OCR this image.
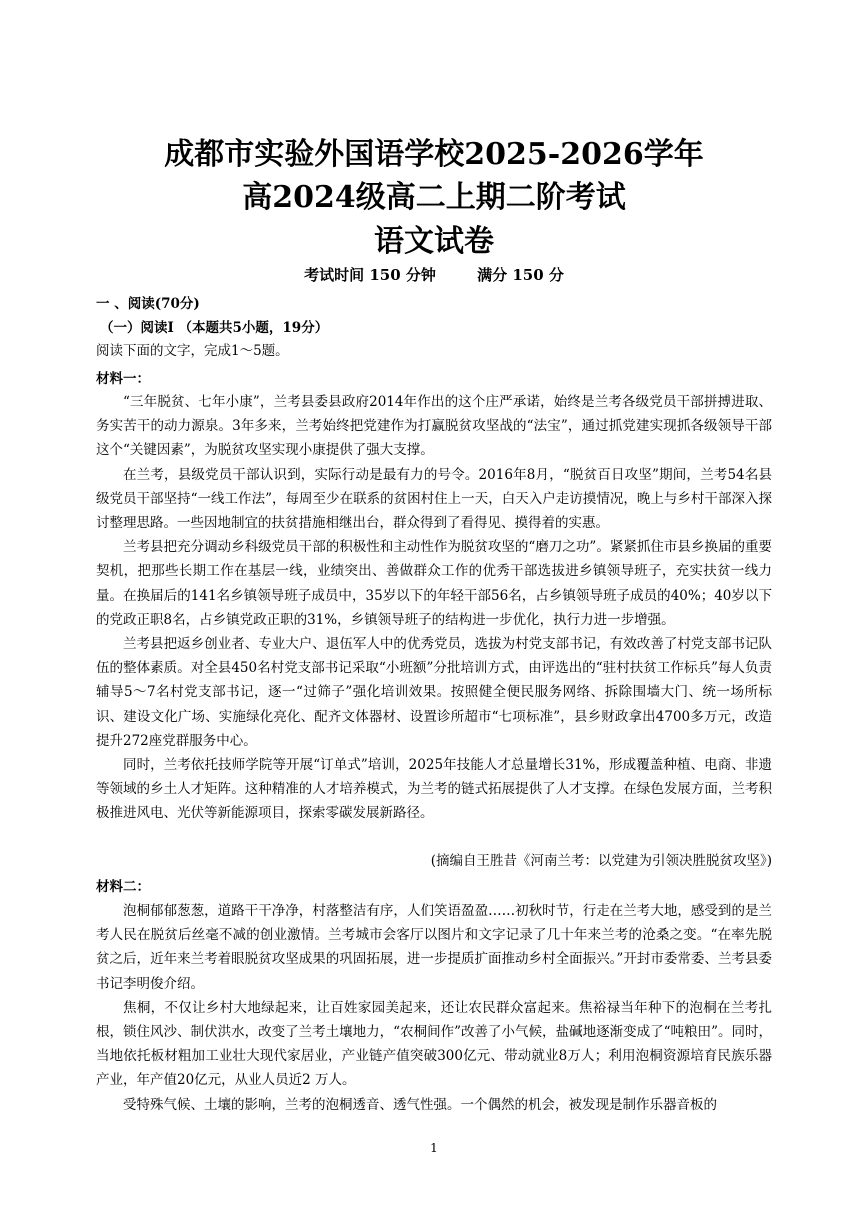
成都市实验外国语学校2025-2026学年
高2024级高二上期二阶考试
语文试卷
考试时间 150 分钟	满分 150 分
一 、阅读(70分)
（一）阅读Ⅰ （本题共5小题，19分）
阅读下面的文字，完成1～5题。
材料一：

“三年脱贫、七年小康”，兰考县委县政府2014年作出的这个庄严承诺，始终是兰考各级党员干部拼搏进取、务实苦干的动力源泉。3年多来，兰考始终把党建作为打赢脱贫攻坚战的“法宝”，通过抓党建实现抓各级领导干部这个“关键因素”，为脱贫攻坚实现小康提供了强大支撑。

在兰考，县级党员干部认识到，实际行动是最有力的号令。2016年8月，“脱贫百日攻坚”期间，兰考54名县级党员干部坚持“一线工作法”，每周至少在联系的贫困村住上一天，白天入户走访摸情况，晚上与乡村干部深入探讨整理思路。一些因地制宜的扶贫措施相继出台，群众得到了看得见、摸得着的实惠。

兰考县把充分调动乡科级党员干部的积极性和主动性作为脱贫攻坚的“磨刀之功”。紧紧抓住市县乡换届的重要契机，把那些长期工作在基层一线，业绩突出、善做群众工作的优秀干部选拔进乡镇领导班子，充实扶贫一线力量。在换届后的141名乡镇领导班子成员中，35岁以下的年轻干部56名，占乡镇领导班子成员的40%；40岁以下的党政正职8名，占乡镇党政正职的31%，乡镇领导班子的结构进一步优化，执行力进一步增强。

兰考县把返乡创业者、专业大户、退伍军人中的优秀党员，选拔为村党支部书记，有效改善了村党支部书记队伍的整体素质。对全县450名村党支部书记采取“小班额”分批培训方式，由评选出的“驻村扶贫工作标兵”每人负责辅导5～7名村党支部书记，逐一“过筛子”强化培训效果。按照健全便民服务网络、拆除围墙大门、统一场所标识、建设文化广场、实施绿化亮化、配齐文体器材、设置诊所超市“七项标准”，县乡财政拿出4700多万元，改造提升272座党群服务中心。

同时，兰考依托技师学院等开展“订单式”培训，2025年技能人才总量增长31%，形成覆盖种植、电商、非遗等领域的乡土人才矩阵。这种精准的人才培养模式，为兰考的链式拓展提供了人才支撑。在绿色发展方面，兰考积极推进风电、光伏等新能源项目，探索零碳发展新路径。

(摘编自王胜昔《河南兰考：以党建为引领决胜脱贫攻坚》)
材料二：

泡桐郁郁葱葱，道路干干净净，村落整洁有序，人们笑语盈盈……初秋时节，行走在兰考大地，感受到的是兰考人民在脱贫后丝毫不减的创业激情。兰考城市会客厅以图片和文字记录了几十年来兰考的沧桑之变。“在率先脱贫之后，近年来兰考着眼脱贫攻坚成果的巩固拓展，进一步提质扩面推动乡村全面振兴。”开封市委常委、兰考县委书记李明俊介绍。

焦桐，不仅让乡村大地绿起来，让百姓家园美起来，还让农民群众富起来。焦裕禄当年种下的泡桐在兰考扎根，锁住风沙、制伏洪水，改变了兰考土壤地力，“农桐间作”改善了小气候，盐碱地逐渐变成了“吨粮田”。同时，当地依托板材粗加工业壮大现代家居业，产业链产值突破300亿元、带动就业8万人；利用泡桐资源培育民族乐器产业，年产值20亿元，从业人员近2 万人。

受特殊气候、土壤的影响，兰考的泡桐透音、透气性强。一个偶然的机会，被发现是制作乐器音板的

1
